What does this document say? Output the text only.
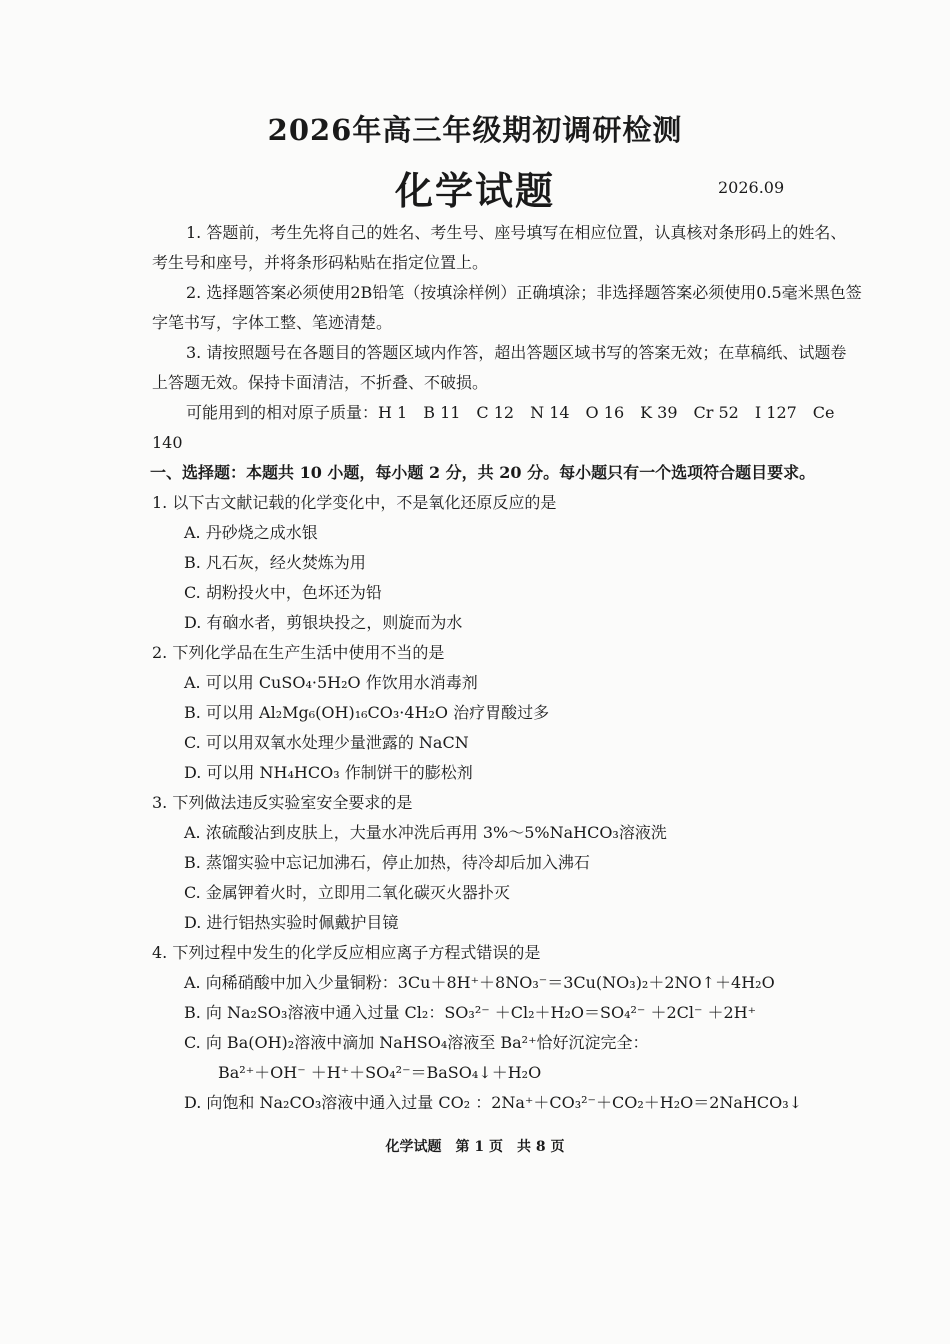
2026年高三年级期初调研检测
化学试题	2026.09

1. 答题前，考生先将自己的姓名、考生号、座号填写在相应位置，认真核对条形码上的姓名、考生号和座号，并将条形码粘贴在指定位置上。

2. 选择题答案必须使用2B铅笔（按填涂样例）正确填涂；非选择题答案必须使用0.5毫米黑色签字笔书写，字体工整、笔迹清楚。

3. 请按照题号在各题目的答题区域内作答，超出答题区域书写的答案无效；在草稿纸、试题卷上答题无效。保持卡面清洁，不折叠、不破损。

可能用到的相对原子质量：H 1　B 11　C 12　N 14　O 16　K 39　Cr 52　I 127　Ce 140

一、选择题：本题共 10 小题，每小题 2 分，共 20 分。每小题只有一个选项符合题目要求。

1. 以下古文献记载的化学变化中，不是氧化还原反应的是

A. 丹砂烧之成水银

B. 凡石灰，经火焚炼为用

C. 胡粉投火中，色坏还为铅

D. 有硇水者，剪银块投之，则旋而为水

2. 下列化学品在生产生活中使用不当的是

A. 可以用 CuSO₄·5H₂O 作饮用水消毒剂

B. 可以用 Al₂Mg₆(OH)₁₆CO₃·4H₂O 治疗胃酸过多

C. 可以用双氧水处理少量泄露的 NaCN

D. 可以用 NH₄HCO₃ 作制饼干的膨松剂

3. 下列做法违反实验室安全要求的是

A. 浓硫酸沾到皮肤上，大量水冲洗后再用 3%～5%NaHCO₃溶液洗

B. 蒸馏实验中忘记加沸石，停止加热，待冷却后加入沸石

C. 金属钾着火时，立即用二氧化碳灭火器扑灭

D. 进行铝热实验时佩戴护目镜

4. 下列过程中发生的化学反应相应离子方程式错误的是

A. 向稀硝酸中加入少量铜粉：3Cu＋8H⁺＋8NO₃⁻＝3Cu(NO₃)₂＋2NO↑＋4H₂O

B. 向 Na₂SO₃溶液中通入过量 Cl₂：SO₃²⁻ ＋Cl₂＋H₂O＝SO₄²⁻ ＋2Cl⁻ ＋2H⁺

C. 向 Ba(OH)₂溶液中滴加 NaHSO₄溶液至 Ba²⁺恰好沉淀完全：

Ba²⁺＋OH⁻ ＋H⁺＋SO₄²⁻＝BaSO₄↓＋H₂O

D. 向饱和 Na₂CO₃溶液中通入过量 CO₂ ：2Na⁺＋CO₃²⁻＋CO₂＋H₂O＝2NaHCO₃↓

化学试题　第 1 页　共 8 页
